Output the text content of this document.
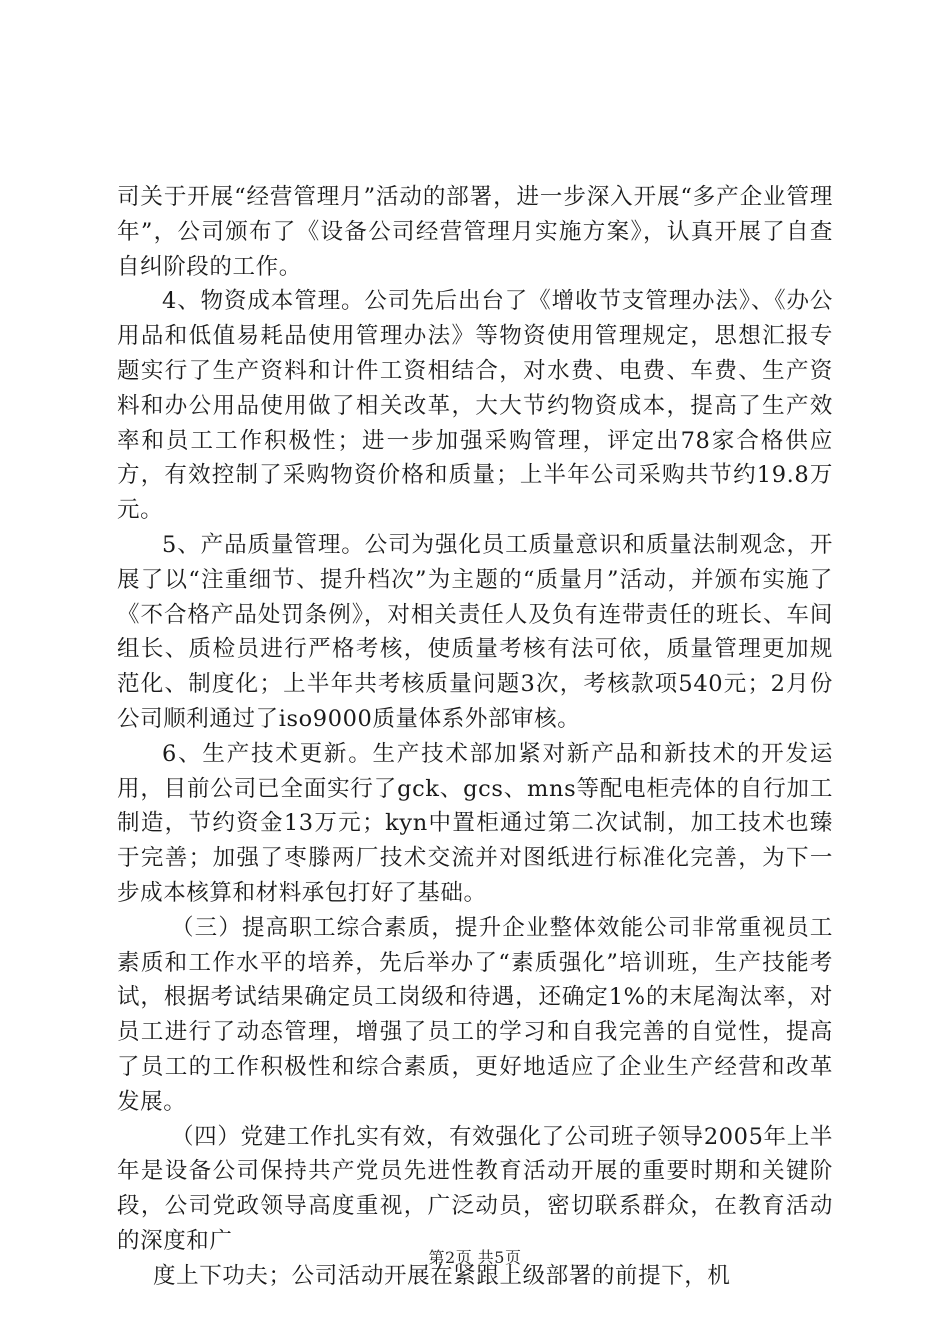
司关于开展“经营管理月”活动的部署，进一步深入开展“多产企业管理年”，公司颁布了《设备公司经营管理月实施方案》，认真开展了自查自纠阶段的工作。

4、物资成本管理。公司先后出台了《增收节支管理办法》、《办公用品和低值易耗品使用管理办法》等物资使用管理规定，思想汇报专题实行了生产资料和计件工资相结合，对水费、电费、车费、生产资料和办公用品使用做了相关改革，大大节约物资成本，提高了生产效率和员工工作积极性；进一步加强采购管理，评定出78家合格供应方，有效控制了采购物资价格和质量；上半年公司采购共节约19.8万元。

5、产品质量管理。公司为强化员工质量意识和质量法制观念，开展了以“注重细节、提升档次”为主题的“质量月”活动，并颁布实施了《不合格产品处罚条例》，对相关责任人及负有连带责任的班长、车间组长、质检员进行严格考核，使质量考核有法可依，质量管理更加规范化、制度化；上半年共考核质量问题3次，考核款项540元；2月份公司顺利通过了iso9000质量体系外部审核。

6、生产技术更新。生产技术部加紧对新产品和新技术的开发运用，目前公司已全面实行了gck、gcs、mns等配电柜壳体的自行加工制造，节约资金13万元；kyn中置柜通过第二次试制，加工技术也臻于完善；加强了枣滕两厂技术交流并对图纸进行标准化完善，为下一步成本核算和材料承包打好了基础。

（三）提高职工综合素质，提升企业整体效能公司非常重视员工素质和工作水平的培养，先后举办了“素质强化”培训班，生产技能考试，根据考试结果确定员工岗级和待遇，还确定1%的末尾淘汰率，对员工进行了动态管理，增强了员工的学习和自我完善的自觉性，提高了员工的工作积极性和综合素质，更好地适应了企业生产经营和改革发展。

（四）党建工作扎实有效，有效强化了公司班子领导2005年上半年是设备公司保持共产党员先进性教育活动开展的重要时期和关键阶段，公司党政领导高度重视，广泛动员，密切联系群众，在教育活动的深度和广

度上下功夫；公司活动开展在紧跟上级部署的前提下，机

第2页 共5页
